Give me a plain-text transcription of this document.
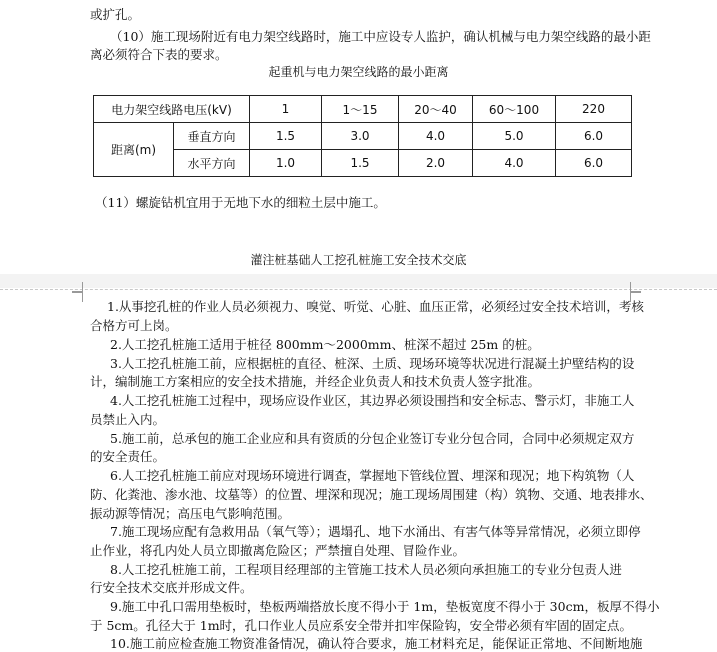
或扩孔。
（10）施工现场附近有电力架空线路时，施工中应设专人监护，确认机械与电力架空线路的最小距
离必须符合下表的要求。
起重机与电力架空线路的最小距离
电力架空线路电压(kV)		1	1～15	20～40	60～100	220
距离(m)	垂直方向	1.5	3.0	4.0	5.0	6.0
	水平方向	1.0	1.5	2.0	4.0	6.0
（11）螺旋钻机宜用于无地下水的细粒土层中施工。
灌注桩基础人工挖孔桩施工安全技术交底
1.从事挖孔桩的作业人员必须视力、嗅觉、听觉、心脏、血压正常，必须经过安全技术培训，考核
合格方可上岗。
2.人工挖孔桩施工适用于桩径 800mm～2000mm、桩深不超过 25m 的桩。
3.人工挖孔桩施工前，应根据桩的直径、桩深、土质、现场环境等状况进行混凝土护壁结构的设
计，编制施工方案相应的安全技术措施，并经企业负责人和技术负责人签字批准。
4.人工挖孔桩施工过程中，现场应设作业区，其边界必须设围挡和安全标志、警示灯，非施工人
员禁止入内。
5.施工前，总承包的施工企业应和具有资质的分包企业签订专业分包合同，合同中必须规定双方
的安全责任。
6.人工挖孔桩施工前应对现场环境进行调查，掌握地下管线位置、埋深和现况；地下构筑物（人
防、化粪池、渗水池、坟墓等）的位置、埋深和现况；施工现场周围建（构）筑物、交通、地表排水、
振动源等情况；高压电气影响范围。
7.施工现场应配有急救用品（氧气等）；遇塌孔、地下水涌出、有害气体等异常情况，必须立即停
止作业，将孔内处人员立即撤离危险区；严禁擅自处理、冒险作业。
8.人工挖孔桩施工前，工程项目经理部的主管施工技术人员必须向承担施工的专业分包责人进
行安全技术交底并形成文件。
9.施工中孔口需用垫板时，垫板两端搭放长度不得小于 1m，垫板宽度不得小于 30cm，板厚不得小
于 5cm。孔径大于 1m时，孔口作业人员应系安全带并扣牢保险钩，安全带必须有牢固的固定点。
10.施工前应检查施工物资准备情况，确认符合要求，施工材料充足，能保证正常地、不间断地施
